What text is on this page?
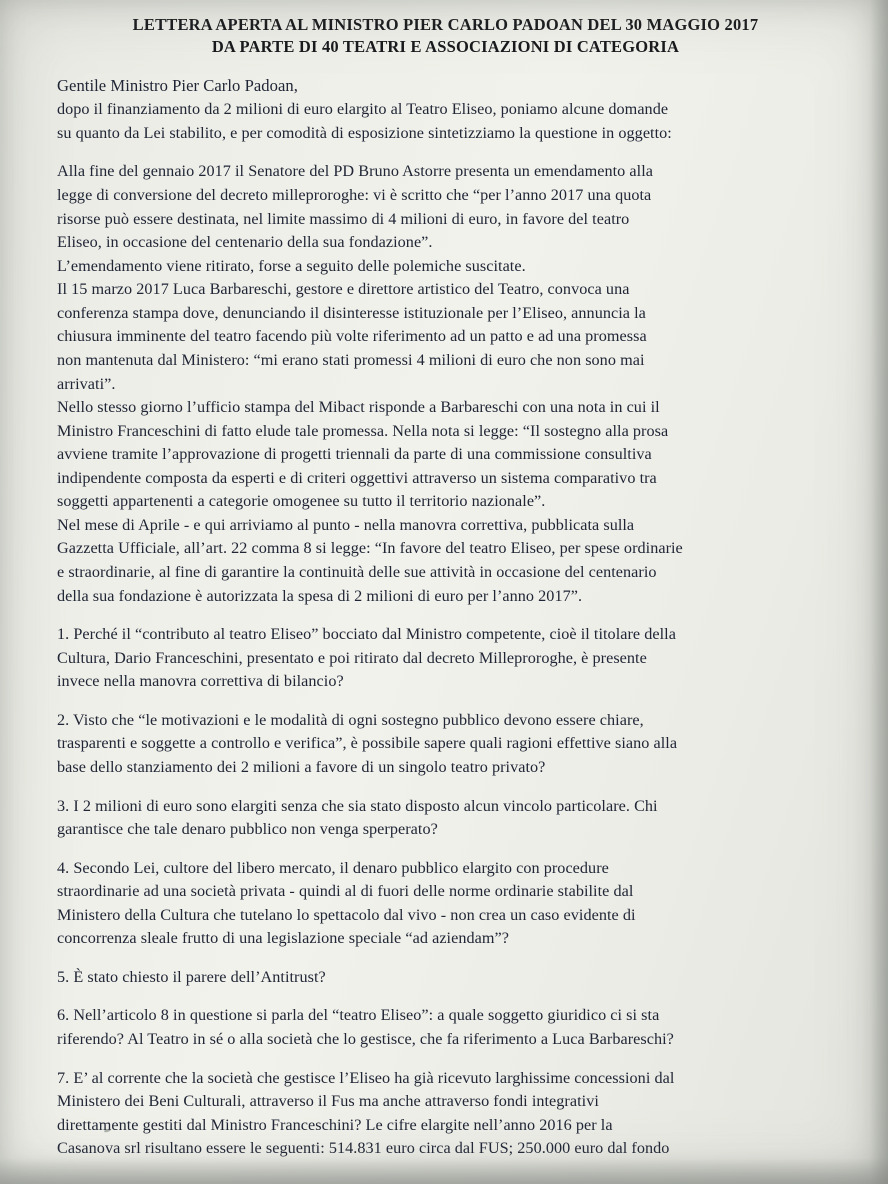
LETTERA APERTA AL MINISTRO PIER CARLO PADOAN DEL 30 MAGGIO 2017
DA PARTE DI 40 TEATRI E ASSOCIAZIONI DI CATEGORIA

Gentile Ministro Pier Carlo Padoan,

dopo il finanziamento da 2 milioni di euro elargito al Teatro Eliseo, poniamo alcune domande
su quanto da Lei stabilito, e per comodità di esposizione sintetizziamo la questione in oggetto:

Alla fine del gennaio 2017 il Senatore del PD Bruno Astorre presenta un emendamento alla
legge di conversione del decreto milleproroghe: vi è scritto che “per l’anno 2017 una quota
risorse può essere destinata, nel limite massimo di 4 milioni di euro, in favore del teatro
Eliseo, in occasione del centenario della sua fondazione”.
L’emendamento viene ritirato, forse a seguito delle polemiche suscitate.
Il 15 marzo 2017 Luca Barbareschi, gestore e direttore artistico del Teatro, convoca una
conferenza stampa dove, denunciando il disinteresse istituzionale per l’Eliseo, annuncia la
chiusura imminente del teatro facendo più volte riferimento ad un patto e ad una promessa
non mantenuta dal Ministero: “mi erano stati promessi 4 milioni di euro che non sono mai
arrivati”.
Nello stesso giorno l’ufficio stampa del Mibact risponde a Barbareschi con una nota in cui il
Ministro Franceschini di fatto elude tale promessa. Nella nota si legge: “Il sostegno alla prosa
avviene tramite l’approvazione di progetti triennali da parte di una commissione consultiva
indipendente composta da esperti e di criteri oggettivi attraverso un sistema comparativo tra
soggetti appartenenti a categorie omogenee su tutto il territorio nazionale”.
Nel mese di Aprile - e qui arriviamo al punto - nella manovra correttiva, pubblicata sulla
Gazzetta Ufficiale, all’art. 22 comma 8 si legge: “In favore del teatro Eliseo, per spese ordinarie
e straordinarie, al fine di garantire la continuità delle sue attività in occasione del centenario
della sua fondazione è autorizzata la spesa di 2 milioni di euro per l’anno 2017”.

1. Perché il “contributo al teatro Eliseo” bocciato dal Ministro competente, cioè il titolare della
Cultura, Dario Franceschini, presentato e poi ritirato dal decreto Milleproroghe, è presente
invece nella manovra correttiva di bilancio?

2. Visto che “le motivazioni e le modalità di ogni sostegno pubblico devono essere chiare,
trasparenti e soggette a controllo e verifica”, è possibile sapere quali ragioni effettive siano alla
base dello stanziamento dei 2 milioni a favore di un singolo teatro privato?

3. I 2 milioni di euro sono elargiti senza che sia stato disposto alcun vincolo particolare. Chi
garantisce che tale denaro pubblico non venga sperperato?

4. Secondo Lei, cultore del libero mercato, il denaro pubblico elargito con procedure
straordinarie ad una società privata - quindi al di fuori delle norme ordinarie stabilite dal
Ministero della Cultura che tutelano lo spettacolo dal vivo - non crea un caso evidente di
concorrenza sleale frutto di una legislazione speciale “ad aziendam”?

5. È stato chiesto il parere dell’Antitrust?

6. Nell’articolo 8 in questione si parla del “teatro Eliseo”: a quale soggetto giuridico ci si sta
riferendo? Al Teatro in sé o alla società che lo gestisce, che fa riferimento a Luca Barbareschi?

7. E’ al corrente che la società che gestisce l’Eliseo ha già ricevuto larghissime concessioni dal
Ministero dei Beni Culturali, attraverso il Fus ma anche attraverso fondi integrativi
direttamente gestiti dal Ministro Franceschini? Le cifre elargite nell’anno 2016 per la
Casanova srl risultano essere le seguenti: 514.831 euro circa dal FUS; 250.000 euro dal fondo
